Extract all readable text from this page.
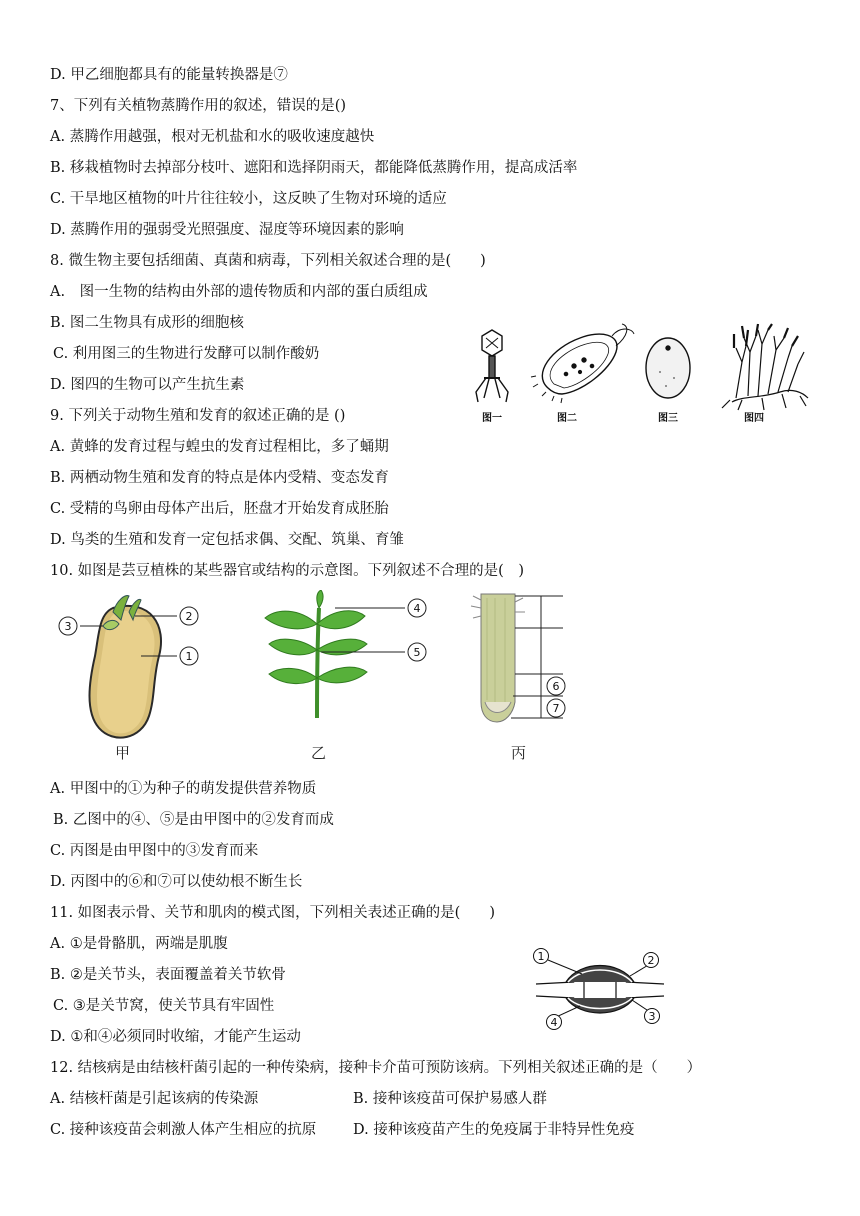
D. 甲乙细胞都具有的能量转换器是⑦
7、下列有关植物蒸腾作用的叙述，错误的是()
A. 蒸腾作用越强，根对无机盐和水的吸收速度越快
B. 移栽植物时去掉部分枝叶、遮阳和选择阴雨天，都能降低蒸腾作用，提高成活率
C. 干旱地区植物的叶片往往较小，这反映了生物对环境的适应
D. 蒸腾作用的强弱受光照强度、湿度等环境因素的影响
8. 微生物主要包括细菌、真菌和病毒，下列相关叙述合理的是(　　)
A.　图一生物的结构由外部的遗传物质和内部的蛋白质组成
B. 图二生物具有成形的细胞核
C. 利用图三的生物进行发酵可以制作酸奶
D. 图四的生物可以产生抗生素
9. 下列关于动物生殖和发育的叙述正确的是 ()
A. 黄蜂的发育过程与蝗虫的发育过程相比，多了蛹期
B. 两栖动物生殖和发育的特点是体内受精、变态发育
C. 受精的鸟卵由母体产出后，胚盘才开始发育成胚胎
D. 鸟类的生殖和发育一定包括求偶、交配、筑巢、育雏
10. 如图是芸豆植株的某些器官或结构的示意图。下列叙述不合理的是(　)
A. 甲图中的①为种子的萌发提供营养物质
B. 乙图中的④、⑤是由甲图中的②发育而成
C. 丙图是由甲图中的③发育而来
D. 丙图中的⑥和⑦可以使幼根不断生长
11. 如图表示骨、关节和肌肉的模式图，下列相关表述正确的是(　　)
A. ①是骨骼肌，两端是肌腹
B. ②是关节头，表面覆盖着关节软骨
C. ③是关节窝，使关节具有牢固性
D. ①和④必须同时收缩，才能产生运动
12. 结核病是由结核杆菌引起的一种传染病，接种卡介苗可预防该病。下列相关叙述正确的是（　　）
A. 结核杆菌是引起该病的传染源	B. 接种该疫苗可保护易感人群
C. 接种该疫苗会刺激人体产生相应的抗原	D. 接种该疫苗产生的免疫属于非特异性免疫
图一	图二	图三	图四
3
2
1
甲
4
5
乙
6
7
丙
1	2
3
4
